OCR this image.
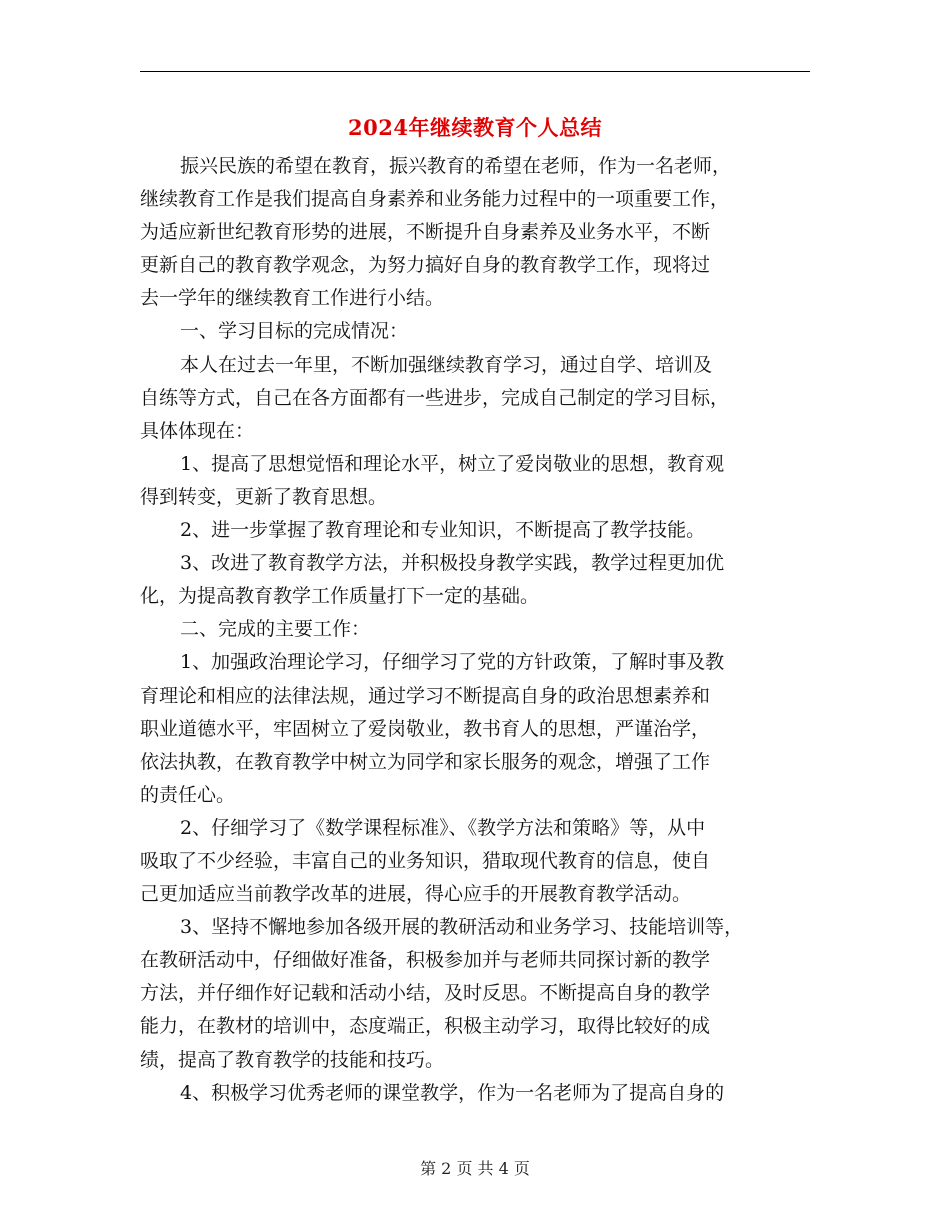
2024年继续教育个人总结
振兴民族的希望在教育，振兴教育的希望在老师，作为一名老师，
继续教育工作是我们提高自身素养和业务能力过程中的一项重要工作，
为适应新世纪教育形势的进展，不断提升自身素养及业务水平，不断
更新自己的教育教学观念，为努力搞好自身的教育教学工作，现将过
去一学年的继续教育工作进行小结。
一、学习目标的完成情况：
本人在过去一年里，不断加强继续教育学习，通过自学、培训及
自练等方式，自己在各方面都有一些进步，完成自己制定的学习目标，
具体体现在：
1、提高了思想觉悟和理论水平，树立了爱岗敬业的思想，教育观
得到转变，更新了教育思想。
2、进一步掌握了教育理论和专业知识，不断提高了教学技能。
3、改进了教育教学方法，并积极投身教学实践，教学过程更加优
化，为提高教育教学工作质量打下一定的基础。
二、完成的主要工作：
1、加强政治理论学习，仔细学习了党的方针政策，了解时事及教
育理论和相应的法律法规，通过学习不断提高自身的政治思想素养和
职业道德水平，牢固树立了爱岗敬业，教书育人的思想，严谨治学，
依法执教，在教育教学中树立为同学和家长服务的观念，增强了工作
的责任心。
2、仔细学习了《数学课程标准》、《教学方法和策略》等，从中
吸取了不少经验，丰富自己的业务知识，猎取现代教育的信息，使自
己更加适应当前教学改革的进展，得心应手的开展教育教学活动。
3、坚持不懈地参加各级开展的教研活动和业务学习、技能培训等，
在教研活动中，仔细做好准备，积极参加并与老师共同探讨新的教学
方法，并仔细作好记载和活动小结，及时反思。不断提高自身的教学
能力，在教材的培训中，态度端正，积极主动学习，取得比较好的成
绩，提高了教育教学的技能和技巧。
4、积极学习优秀老师的课堂教学，作为一名老师为了提高自身的
第 2 页 共 4 页
